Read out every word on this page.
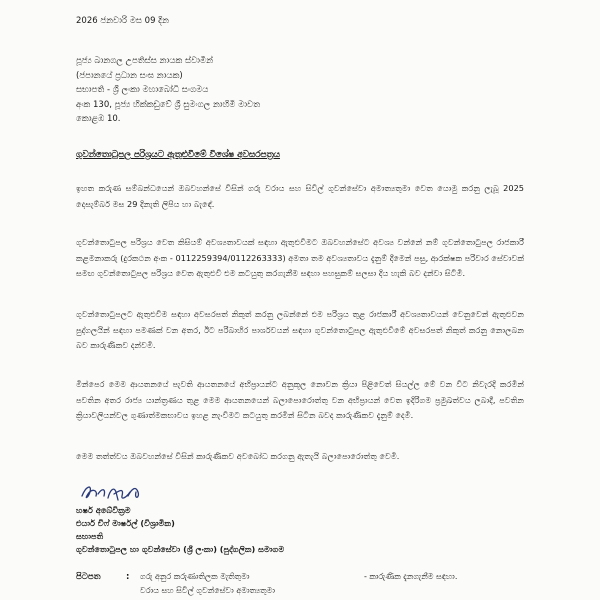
2026 ජනවාරි මස 09 දින
පූජ්‍ය බානගල උපතිස්ස නායක ස්වාමීන්
(ජපානයේ ප්‍රධාන සංඝ නායක)
සභාපති - ශ්‍රී ලංකා මහාබෝධි සංගමය
අංක 130, පූජ්‍ය හික්කඩුවේ ශ්‍රී සුමංගල නාහිමි මාවත
කොළඹ 10.
ගුවන්තොටුපල පරිශ්‍රයට ඇතුළුවීමේ විශේෂ අවසරපත්‍රය
ඉහත කරුණ සම්බන්ධයෙන් ඔබවහන්සේ විසින් ගරු වරාය සහ සිවිල් ගුවන්සේවා අමාත්‍යතුමා වෙත යොමු කරනු ලැබූ 2025 දෙසැම්බර් මස 29 දිනැති ලිපිය හා බැඳේ.
ගුවන්තොටුපල පරිශ්‍රය වෙත කිසියම් අවශ්‍යතාවයක් සඳහා ඇතුළුවීමට ඔබවහන්සේට අවශ්‍ය වන්නේ නම් ගුවන්තොටුපල රාජකාරී කළමනාකරු (දුරකථන අංක - 0112259394/0112263333) අමතා තම අවශ්‍යතාවය දැනුම් දීමෙන් පසු, ආරක්ෂක පරිවාර සේවාවක් සමඟ ගුවන්තොටුපල පරිශ්‍රය වෙත ඇතුළුවී එම කටයුතු කරගැනීම සඳහා පහසුකම් සලසා දිය හැකි බව දන්වා සිටිමි.
ගුවන්තොටුපලට ඇතුළුවීම සඳහා අවසරපත් නිකුත් කරනු ලබන්නේ එම පරිශ්‍රය තුළ රාජකාරී අවශ්‍යතාවයන් වෙනුවෙන් ඇතුළුවන පුද්ගලයින් සඳහා පමණක් වන අතර, ඊට පරිබාහිර පාර්ශවයන් සඳහා ගුවන්තොටුපල ඇතුළුවීමේ අවසරපත් නිකුත් කරනු නොලබන බව කාරුණිකව දන්වමි.
මින්පෙර මෙම ආයතනයේ පැවති ආයතනයේ අභිප්‍රායන්ට අනුකූල නොවන ක්‍රියා පිළිවෙත් සියල්ල මේ වන විට නිවැරදි කරමින් පවතින අතර රාජ්‍ය යාන්ත්‍රණය තුළ මෙම ආයතනයෙන් බලාපොරොත්තු වන අභිප්‍රායන් වෙත ඉදිරිගම ප්‍රමුඛත්වය ලබාදී, පවතින ක්‍රියාවලියන්වල ගුණාත්මකභාවය ඉහළ නැංවීමට කටයුතු කරමින් සිටින බවද කාරුණිකව දැනුම් දෙමි.
මෙම තත්ත්වය ඔබවහන්සේ විසින් කාරුණිකව අවබෝධ කරගනු ඇතැයි බලාපොරොත්තු වෙමි.
හර්ෂ අබේවික්‍රම
එයාර් චීෆ් මාර්ෂල් (විශ්‍රාමික)
සභාපති
ගුවන්තොටුපල හා ගුවන්සේවා (ශ්‍රී ලංකා) (පුද්ගලික) සමාගම
පිටපත	: ගරු අනුර කරුණාතිලක මැතිතුමා
වරාය සහ සිවිල් ගුවන්සේවා අමාත්‍යතුමා
- කාරුණික දැනගැනීම සඳහා.
